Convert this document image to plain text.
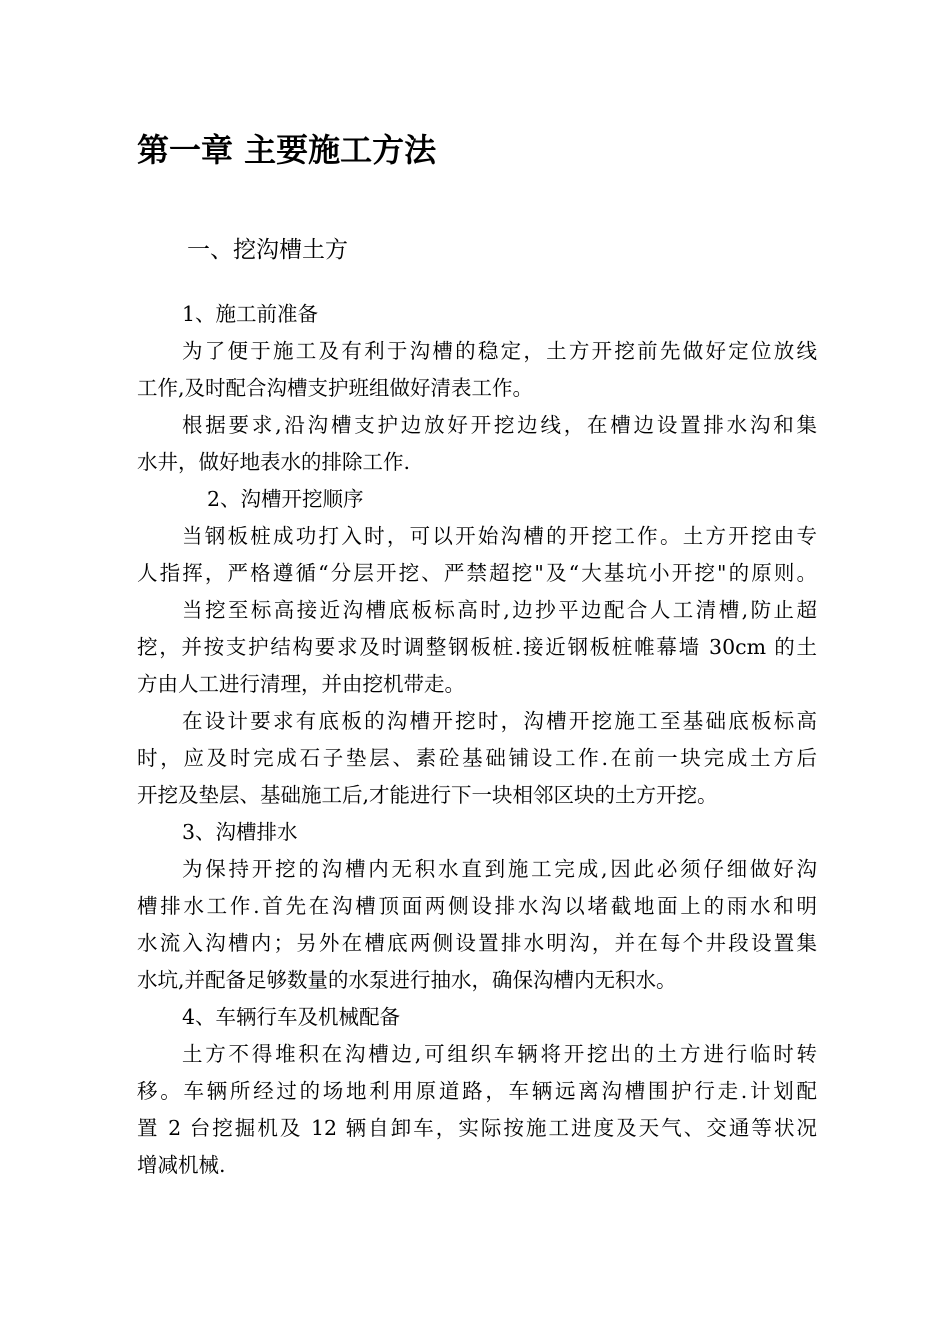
第一章 主要施工方法
一、挖沟槽土方
1、施工前准备
为了便于施工及有利于沟槽的稳定，土方开挖前先做好定位放线
工作,及时配合沟槽支护班组做好清表工作。
根据要求,沿沟槽支护边放好开挖边线，在槽边设置排水沟和集
水井，做好地表水的排除工作.
2、沟槽开挖顺序
当钢板桩成功打入时，可以开始沟槽的开挖工作。土方开挖由专
人指挥，严格遵循“分层开挖、严禁超挖"及“大基坑小开挖"的原则。
当挖至标高接近沟槽底板标高时,边抄平边配合人工清槽,防止超
挖，并按支护结构要求及时调整钢板桩.接近钢板桩帷幕墙 30cm 的土
方由人工进行清理，并由挖机带走。
在设计要求有底板的沟槽开挖时，沟槽开挖施工至基础底板标高
时，应及时完成石子垫层、素砼基础铺设工作.在前一块完成土方后
开挖及垫层、基础施工后,才能进行下一块相邻区块的土方开挖。
3、沟槽排水
为保持开挖的沟槽内无积水直到施工完成,因此必须仔细做好沟
槽排水工作.首先在沟槽顶面两侧设排水沟以堵截地面上的雨水和明
水流入沟槽内；另外在槽底两侧设置排水明沟，并在每个井段设置集
水坑,并配备足够数量的水泵进行抽水，确保沟槽内无积水。
4、车辆行车及机械配备
土方不得堆积在沟槽边,可组织车辆将开挖出的土方进行临时转
移。车辆所经过的场地利用原道路，车辆远离沟槽围护行走.计划配
置 2 台挖掘机及 12 辆自卸车，实际按施工进度及天气、交通等状况
增减机械.
